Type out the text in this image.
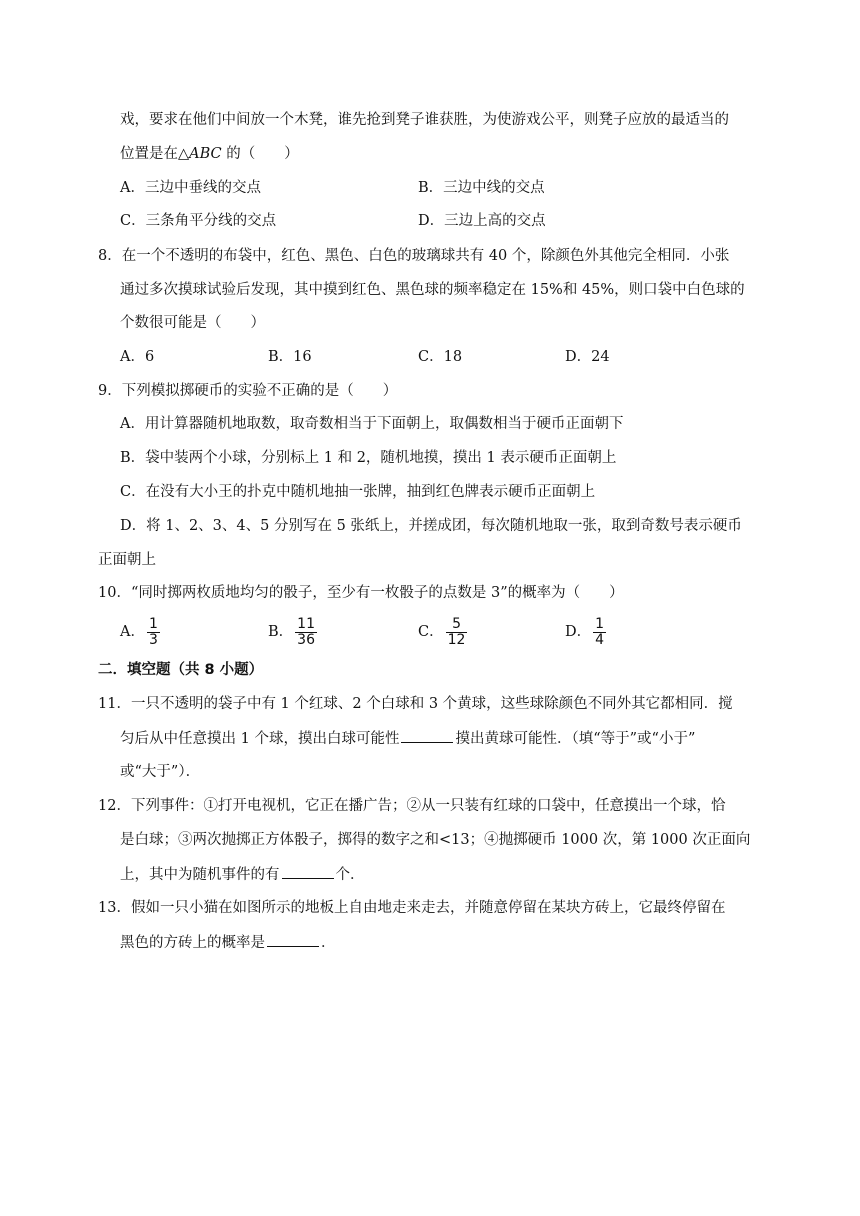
戏，要求在他们中间放一个木凳，谁先抢到凳子谁获胜，为使游戏公平，则凳子应放的最适当的
位置是在△ABC 的（　　）
A．三边中垂线的交点	B．三边中线的交点
C．三条角平分线的交点	D．三边上高的交点
8．在一个不透明的布袋中，红色、黑色、白色的玻璃球共有 40 个，除颜色外其他完全相同．小张
通过多次摸球试验后发现，其中摸到红色、黑色球的频率稳定在 15%和 45%，则口袋中白色球的
个数很可能是（　　）
A．6	B．16	C．18	D．24
9．下列模拟掷硬币的实验不正确的是（　　）
A．用计算器随机地取数，取奇数相当于下面朝上，取偶数相当于硬币正面朝下
B．袋中装两个小球，分别标上 1 和 2，随机地摸，摸出 1 表示硬币正面朝上
C．在没有大小王的扑克中随机地抽一张牌，抽到红色牌表示硬币正面朝上
D．将 1、2、3、4、5 分别写在 5 张纸上，并搓成团，每次随机地取一张，取到奇数号表示硬币
正面朝上
10．“同时掷两枚质地均匀的骰子，至少有一枚骰子的点数是 3”的概率为（　　）
A． $\frac{1}{3}$	B． $\frac{11}{36}$	C． $\frac{5}{12}$	D． $\frac{1}{4}$
二．填空题（共 8 小题）
11．一只不透明的袋子中有 1 个红球、2 个白球和 3 个黄球，这些球除颜色不同外其它都相同．搅
匀后从中任意摸出 1 个球，摸出白球可能性	摸出黄球可能性．（填“等于”或“小于”
或“大于”）．
12．下列事件：①打开电视机，它正在播广告；②从一只装有红球的口袋中，任意摸出一个球，恰
是白球；③两次抛掷正方体骰子，掷得的数字之和<13；④抛掷硬币 1000 次，第 1000 次正面向
上，其中为随机事件的有	个．
13．假如一只小猫在如图所示的地板上自由地走来走去，并随意停留在某块方砖上，它最终停留在
黑色的方砖上的概率是	．
